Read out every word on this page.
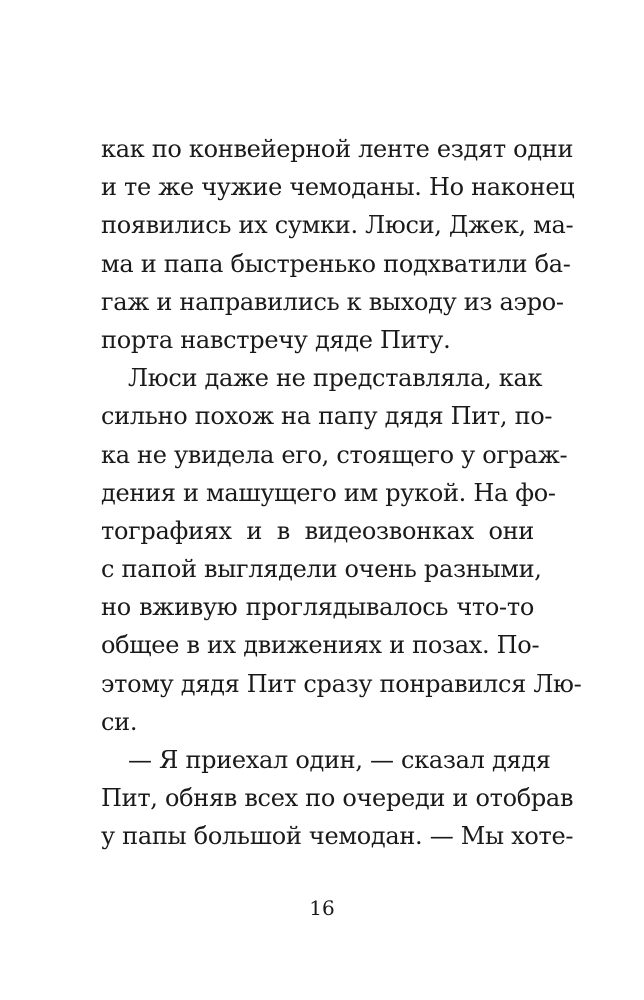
как по конвейерной ленте ездят одни
и те же чужие чемоданы. Но наконец
появились их сумки. Люси, Джек, ма-
ма и папа быстренько подхватили ба-
гаж и направились к выходу из аэро-
порта навстречу дяде Питу.
Люси даже не представляла, как
сильно похож на папу дядя Пит, по-
ка не увидела его, стоящего у ограж-
дения и машущего им рукой. На фо-
тографиях и в видеозвонках они
с папой выглядели очень разными,
но вживую проглядывалось что-то
общее в их движениях и позах. По-
этому дядя Пит сразу понравился Лю-
си.
— Я приехал один, — сказал дядя
Пит, обняв всех по очереди и отобрав
у папы большой чемодан. — Мы хоте-
16
